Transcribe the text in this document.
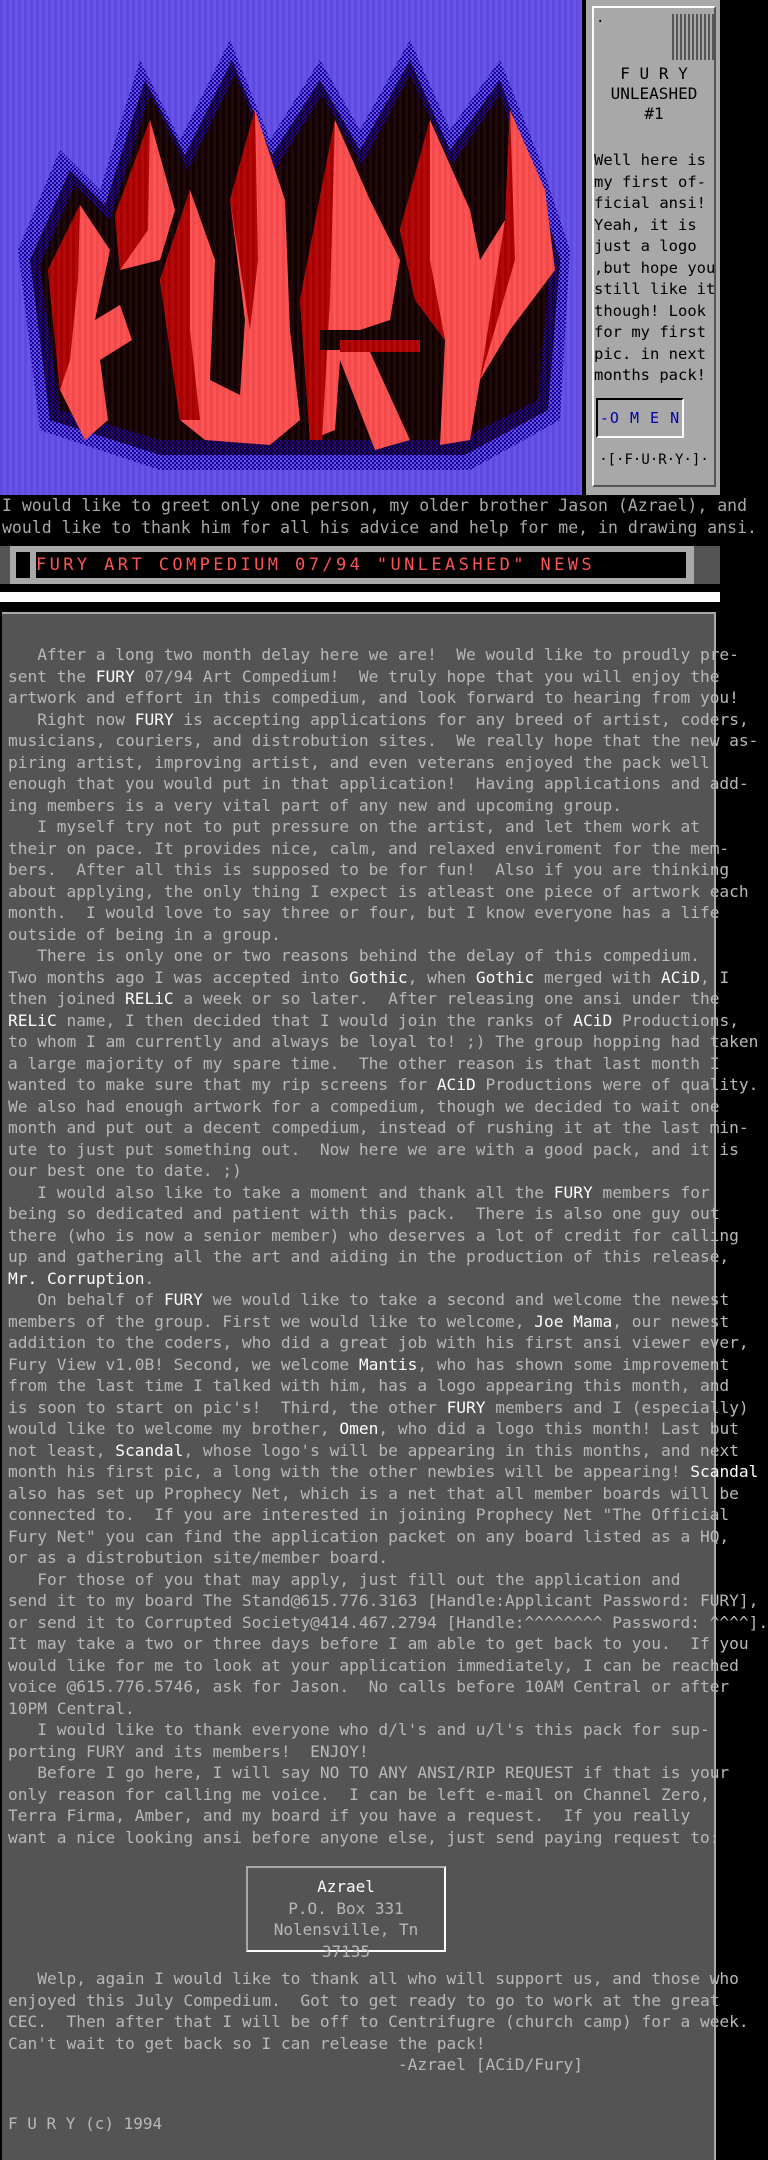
.
F U R Y
UNLEASHED
#1
Well here is
my first of-
ficial ansi!
Yeah, it is
just a logo
,but hope you
still like it
though! Look
for my first
pic. in next
months pack!
-O M E N
·[·F·U·R·Y·]·
I would like to greet only one person, my older brother Jason (Azrael), and
would like to thank him for all his advice and help for me, in drawing ansi.
FURY ART COMPEDIUM 07/94 "UNLEASHED" NEWS
After a long two month delay here we are!  We would like to proudly pre-
sent the FURY 07/94 Art Compedium!  We truly hope that you will enjoy the
artwork and effort in this compedium, and look forward to hearing from you!
Right now FURY is accepting applications for any breed of artist, coders,
musicians, couriers, and distrobution sites.  We really hope that the new as-
piring artist, improving artist, and even veterans enjoyed the pack well
enough that you would put in that application!  Having applications and add-
ing members is a very vital part of any new and upcoming group.
I myself try not to put pressure on the artist, and let them work at
their on pace. It provides nice, calm, and relaxed enviroment for the mem-
bers.  After all this is supposed to be for fun!  Also if you are thinking
about applying, the only thing I expect is atleast one piece of artwork each
month.  I would love to say three or four, but I know everyone has a life
outside of being in a group.
There is only one or two reasons behind the delay of this compedium.
Two months ago I was accepted into Gothic, when Gothic merged with ACiD, I
then joined RELiC a week or so later.  After releasing one ansi under the
RELiC name, I then decided that I would join the ranks of ACiD Productions,
to whom I am currently and always be loyal to! ;) The group hopping had taken
a large majority of my spare time.  The other reason is that last month I
wanted to make sure that my rip screens for ACiD Productions were of quality.
We also had enough artwork for a compedium, though we decided to wait one
month and put out a decent compedium, instead of rushing it at the last min-
ute to just put something out.  Now here we are with a good pack, and it is
our best one to date. ;)
I would also like to take a moment and thank all the FURY members for
being so dedicated and patient with this pack.  There is also one guy out
there (who is now a senior member) who deserves a lot of credit for calling
up and gathering all the art and aiding in the production of this release,
Mr. Corruption.
On behalf of FURY we would like to take a second and welcome the newest
members of the group. First we would like to welcome, Joe Mama, our newest
addition to the coders, who did a great job with his first ansi viewer ever,
Fury View v1.0B! Second, we welcome Mantis, who has shown some improvement
from the last time I talked with him, has a logo appearing this month, and
is soon to start on pic's!  Third, the other FURY members and I (especially)
would like to welcome my brother, Omen, who did a logo this month! Last but
not least, Scandal, whose logo's will be appearing in this months, and next
month his first pic, a long with the other newbies will be appearing! Scandal
also has set up Prophecy Net, which is a net that all member boards will be
connected to.  If you are interested in joining Prophecy Net "The Official
Fury Net" you can find the application packet on any board listed as a HQ,
or as a distrobution site/member board.
For those of you that may apply, just fill out the application and
send it to my board The Stand@615.776.3163 [Handle:Applicant Password: FURY],
or send it to Corrupted Society@414.467.2794 [Handle:^^^^^^^^ Password: ^^^^].
It may take a two or three days before I am able to get back to you.  If you
would like for me to look at your application immediately, I can be reached
voice @615.776.5746, ask for Jason.  No calls before 10AM Central or after
10PM Central.
I would like to thank everyone who d/l's and u/l's this pack for sup-
porting FURY and its members!  ENJOY!
Before I go here, I will say NO TO ANY ANSI/RIP REQUEST if that is your
only reason for calling me voice.  I can be left e-mail on Channel Zero,
Terra Firma, Amber, and my board if you have a request.  If you really
want a nice looking ansi before anyone else, just send paying request to:
Azrael
P.O. Box 331
Nolensville, Tn 37135
Welp, again I would like to thank all who will support us, and those who
enjoyed this July Compedium.  Got to get ready to go to work at the great
CEC.  Then after that I will be off to Centrifugre (church camp) for a week.
Can't wait to get back so I can release the pack!
-Azrael [ACiD/Fury]
F U R Y (c) 1994
